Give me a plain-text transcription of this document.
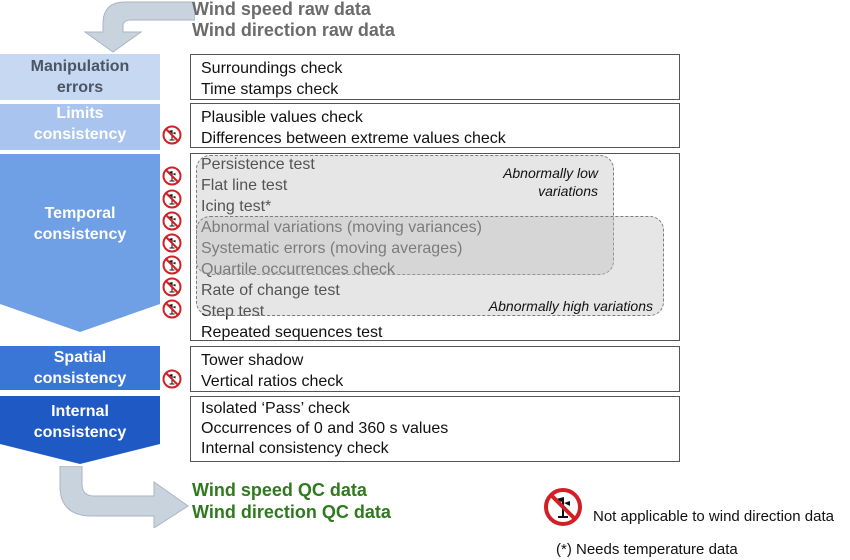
Wind speed raw data
Wind direction raw data
Manipulation
errors
Limits
consistency
Temporal
consistency
Spatial
consistency
Internal
consistency
Surroundings check
Time stamps check
Plausible values check
Differences between extreme values check
Persistence test
Flat line test
Icing test*
Abnormal variations (moving variances)
Systematic errors (moving averages)
Quartile occurrences check
Rate of change test
Step test
Repeated sequences test
Abnormally low
variations
Abnormally high variations
Tower shadow
Vertical ratios check
Isolated ‘Pass’ check
Occurrences of 0 and 360 s values
Internal consistency check
Wind speed QC data
Wind direction QC data	Not applicable to wind direction data
(*) Needs temperature data
